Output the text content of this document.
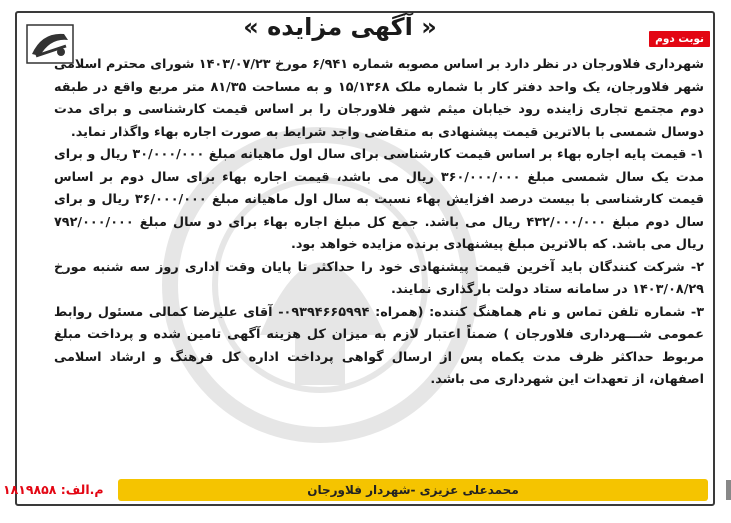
« آگهی مزایده »	نوبت دوم

شهرداری فلاورجان در نظر دارد بر اساس مصوبه شماره ۶/۹۴۱ مورخ ۱۴۰۳/۰۷/۲۳ شورای محترم اسلامی شهر فلاورجان، یک واحد دفتر کار با شماره ملک ۱۵/۱۳۶۸ و به مساحت ۸۱/۳۵ متر مربع واقع در طبقه دوم مجتمع تجاری زاینده رود خیابان میثم شهر فلاورجان را بر اساس قیمت کارشناسی و برای مدت دوسال شمسی با بالاترین قیمت پیشنهادی به متقاضی واجد شرایط به صورت اجاره بهاء واگذار نماید.

۱- قیمت پایه اجاره بهاء بر اساس قیمت کارشناسی برای سال اول ماهیانه مبلغ ۳۰/۰۰۰/۰۰۰ ریال و برای مدت یک سال شمسی مبلغ ۳۶۰/۰۰۰/۰۰۰ ریال می باشد، قیمت اجاره بهاء برای سال دوم بر اساس قیمت کارشناسی با بیست درصد افزایش بهاء نسبت به سال اول ماهیانه مبلغ ۳۶/۰۰۰/۰۰۰ ریال و برای سال دوم مبلغ ۴۳۲/۰۰۰/۰۰۰ ریال می باشد. جمع کل مبلغ اجاره بهاء برای دو سال مبلغ ۷۹۲/۰۰۰/۰۰۰ ریال می باشد. که بالاترین مبلغ پیشنهادی برنده مزایده خواهد بود.

۲- شرکت کنندگان باید آخرین قیمت پیشنهادی خود را حداکثر تا پایان وقت اداری روز سه شنبه مورخ ۱۴۰۳/۰۸/۲۹ در سامانه ستاد دولت بارگذاری نمایند.

۳- شماره تلفن تماس و نام هماهنگ کننده: (همراه: ۰۹۳۹۴۶۶۵۹۹۴- آقای علیرضا کمالی مسئول روابط عمومی شـــهرداری فلاورجان ) ضمناً اعتبار لازم به میزان کل هزینه آگهی تامین شده و پرداخت مبلغ مربوط حداکثر ظرف مدت یکماه پس از ارسال گواهی پرداخت اداره کل فرهنگ و ارشاد اسلامی اصفهان، از تعهدات این شهرداری می باشد.

م.الف: ۱۸۱۹۸۵۸	محمدعلی عزیزی -شهردار فلاورجان
